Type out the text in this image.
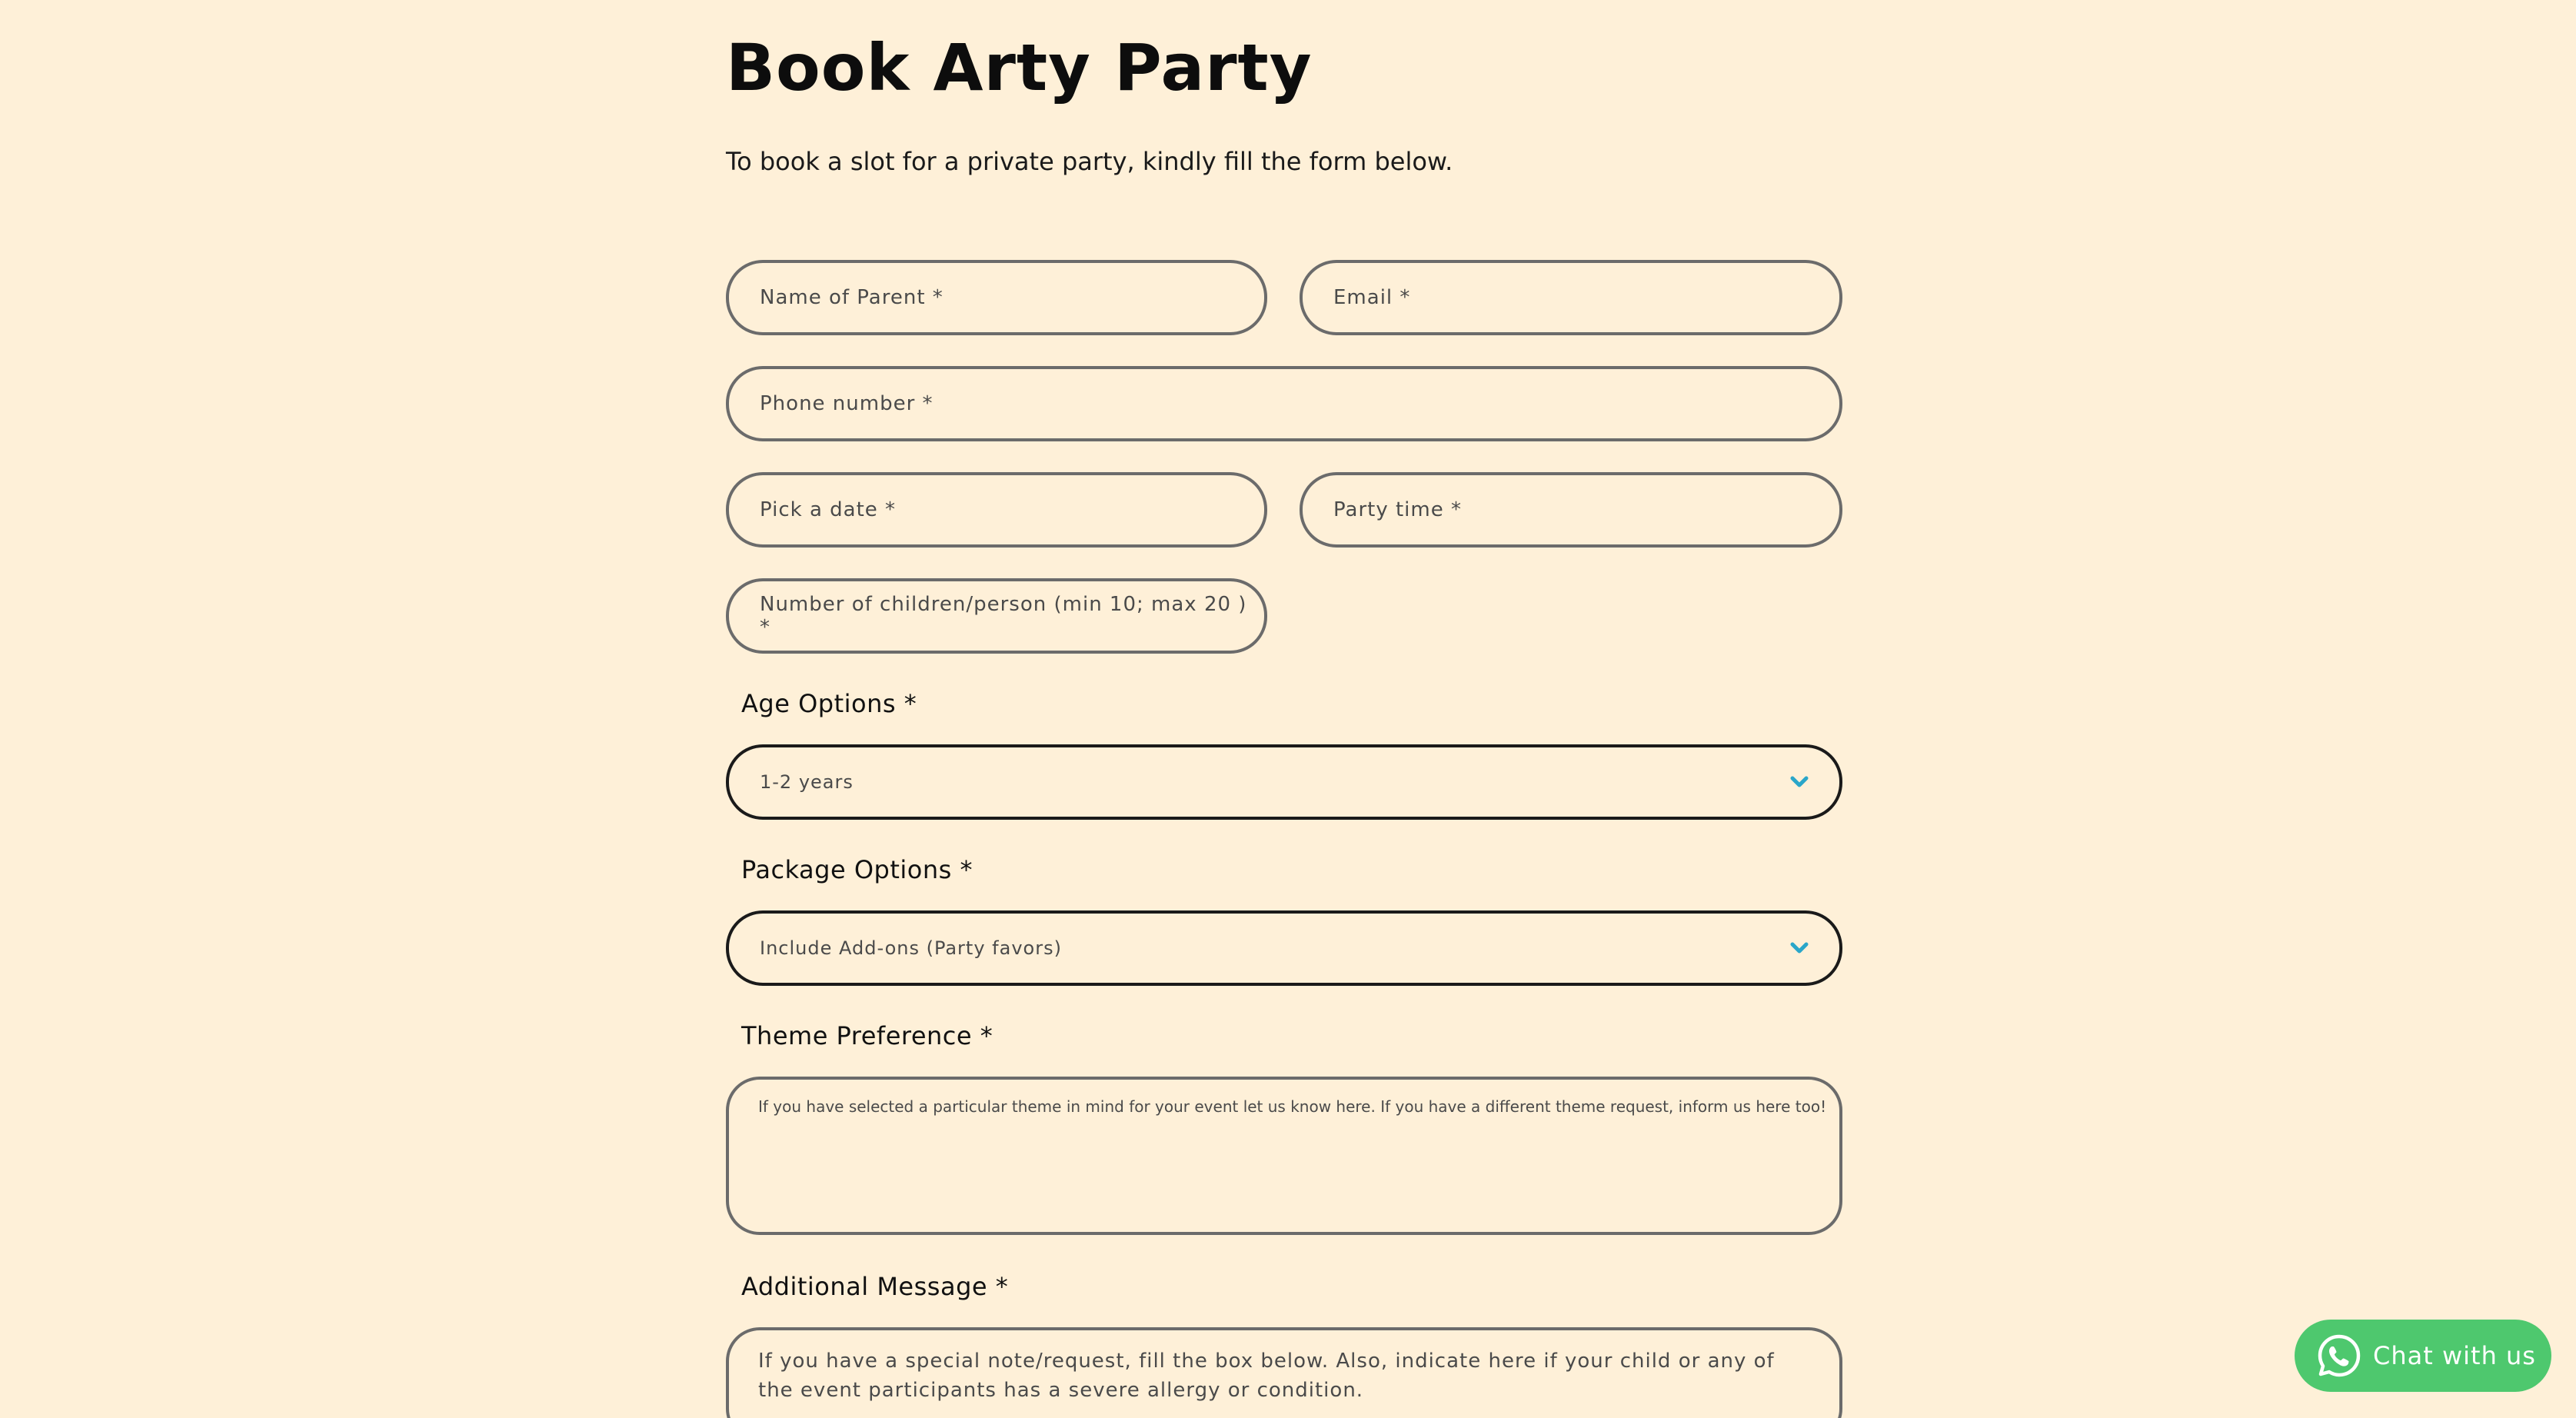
Book Arty Party

To book a slot for a private party, kindly fill the form below.

Name of Parent *	Email *
Phone number *
Pick a date *	Party time *
Number of children/person (min 10; max 20 ) *

Age Options *

1-2 years

Package Options *

Include Add-ons (Party favors)

Theme Preference *

If you have selected a particular theme in mind for your event let us know here. If you have a different theme request, inform us here too!

Additional Message *

If you have a special note/request, fill the box below. Also, indicate here if your child or any of the event participants has a severe allergy or condition.
Chat with us
